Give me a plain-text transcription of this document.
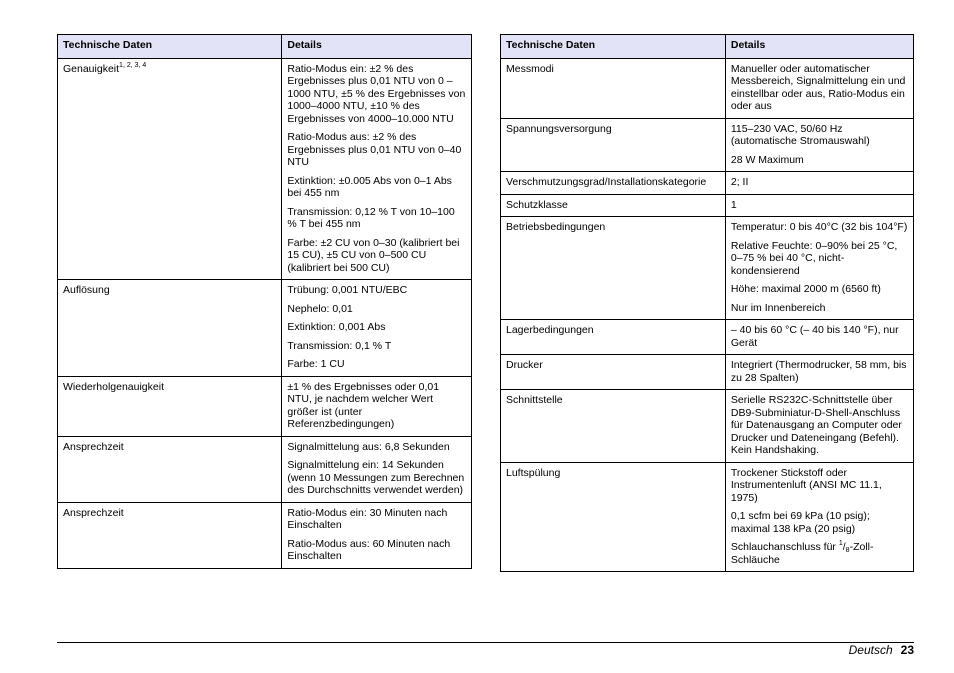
Technische Daten	Details
Genauigkeit$^{1, 2, 3, 4}$	Ratio-Modus ein: ±2 % des Ergebnisses plus 0,01 NTU von 0 – 1000 NTU, ±5 % des Ergebnisses von 1000–4000 NTU, ±10 % des Ergebnisses von 4000–10.000 NTU

Ratio-Modus aus: ±2 % des Ergebnisses plus 0,01 NTU von 0–40 NTU

Extinktion: ±0.005 Abs von 0–1 Abs bei 455 nm

Transmission: 0,12 % T von 10–100 % T bei 455 nm

Farbe: ±2 CU von 0–30 (kalibriert bei 15 CU), ±5 CU von 0–500 CU (kalibriert bei 500 CU)

Auflösung	Trübung: 0,001 NTU/EBC

Nephelo: 0,01

Extinktion: 0,001 Abs

Transmission: 0,1 % T

Farbe: 1 CU

Wiederholgenauigkeit	±1 % des Ergebnisses oder 0,01 NTU, je nachdem welcher Wert größer ist (unter Referenzbedingungen)

Ansprechzeit	Signalmittelung aus: 6,8 Sekunden

Signalmittelung ein: 14 Sekunden (wenn 10 Messungen zum Berechnen des Durchschnitts verwendet werden)

Ansprechzeit	Ratio-Modus ein: 30 Minuten nach Einschalten

Ratio-Modus aus: 60 Minuten nach Einschalten

Technische Daten	Details
Messmodi	Manueller oder automatischer Messbereich, Signalmittelung ein und einstellbar oder aus, Ratio-Modus ein oder aus

Spannungsversorgung	115–230 VAC, 50/60 Hz (automatische Stromauswahl)

28 W Maximum

Verschmutzungsgrad/Installationskategorie	2; II

Schutzklasse	1

Betriebsbedingungen	Temperatur: 0 bis 40°C (32 bis 104°F)

Relative Feuchte: 0–90% bei 25 °C, 0–75 % bei 40 °C, nicht-kondensierend

Höhe: maximal 2000 m (6560 ft)

Nur im Innenbereich

Lagerbedingungen	– 40 bis 60 °C (– 40 bis 140 °F), nur Gerät

Drucker	Integriert (Thermodrucker, 58 mm, bis zu 28 Spalten)

Schnittstelle	Serielle RS232C-Schnittstelle über DB9-Subminiatur-D-Shell-Anschluss für Datenausgang an Computer oder Drucker und Dateneingang (Befehl). Kein Handshaking.

Luftspülung	Trockener Stickstoff oder Instrumentenluft (ANSI MC 11.1, 1975)

0,1 scfm bei 69 kPa (10 psig); maximal 138 kPa (20 psig)

Schlauchanschluss für $^1/_8-Zoll$-Schläuche

Deutsch 23
